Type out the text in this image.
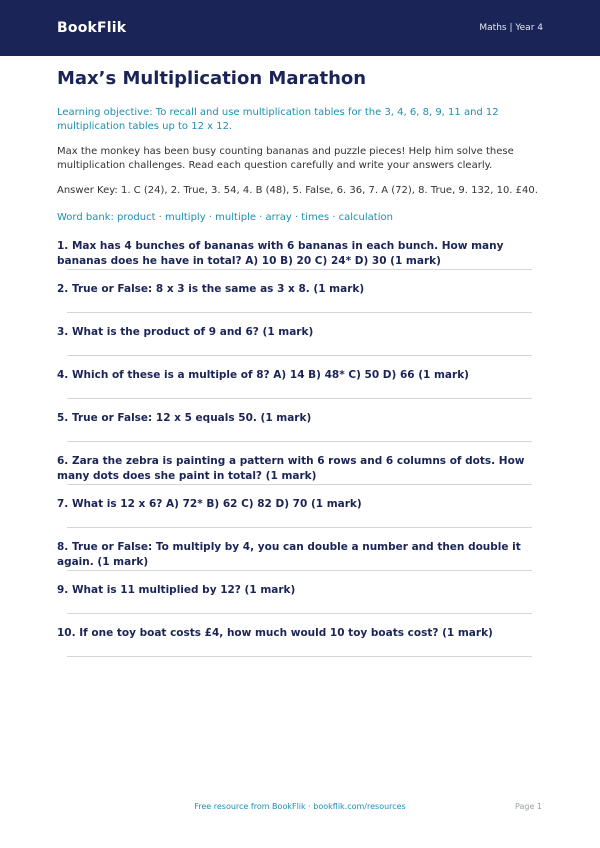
BookFlik	Maths | Year 4
Max’s Multiplication Marathon
Learning objective: To recall and use multiplication tables for the 3, 4, 6, 8, 9, 11 and 12 multiplication tables up to 12 x 12.
Max the monkey has been busy counting bananas and puzzle pieces! Help him solve these multiplication challenges. Read each question carefully and write your answers clearly.
Answer Key: 1. C (24), 2. True, 3. 54, 4. B (48), 5. False, 6. 36, 7. A (72), 8. True, 9. 132, 10. £40.
Word bank: product · multiply · multiple · array · times · calculation
1. Max has 4 bunches of bananas with 6 bananas in each bunch. How many bananas does he have in total? A) 10 B) 20 C) 24* D) 30 (1 mark)
2. True or False: 8 x 3 is the same as 3 x 8. (1 mark)
3. What is the product of 9 and 6? (1 mark)
4. Which of these is a multiple of 8? A) 14 B) 48* C) 50 D) 66 (1 mark)
5. True or False: 12 x 5 equals 50. (1 mark)
6. Zara the zebra is painting a pattern with 6 rows and 6 columns of dots. How many dots does she paint in total? (1 mark)
7. What is 12 x 6? A) 72* B) 62 C) 82 D) 70 (1 mark)
8. True or False: To multiply by 4, you can double a number and then double it again. (1 mark)
9. What is 11 multiplied by 12? (1 mark)
10. If one toy boat costs £4, how much would 10 toy boats cost? (1 mark)
Free resource from BookFlik · bookflik.com/resources	Page 1
